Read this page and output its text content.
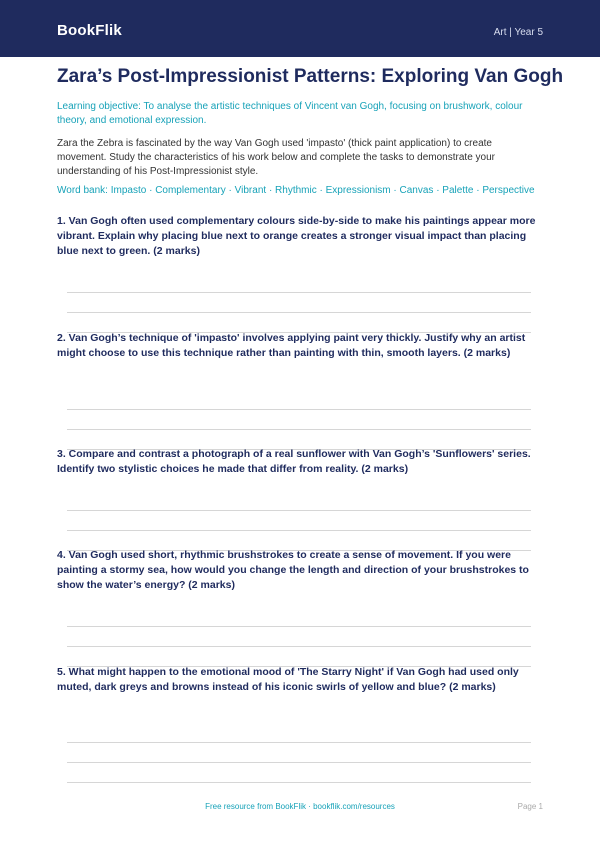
BookFlik	Art | Year 5
Zara’s Post-Impressionist Patterns: Exploring Van Gogh
Learning objective: To analyse the artistic techniques of Vincent van Gogh, focusing on brushwork, colour theory, and emotional expression.
Zara the Zebra is fascinated by the way Van Gogh used 'impasto' (thick paint application) to create movement. Study the characteristics of his work below and complete the tasks to demonstrate your understanding of his Post-Impressionist style.
Word bank: Impasto · Complementary · Vibrant · Rhythmic · Expressionism · Canvas · Palette · Perspective
1. Van Gogh often used complementary colours side-by-side to make his paintings appear more vibrant. Explain why placing blue next to orange creates a stronger visual impact than placing blue next to green. (2 marks)
2. Van Gogh’s technique of 'impasto' involves applying paint very thickly. Justify why an artist might choose to use this technique rather than painting with thin, smooth layers. (2 marks)
3. Compare and contrast a photograph of a real sunflower with Van Gogh’s 'Sunflowers' series. Identify two stylistic choices he made that differ from reality. (2 marks)
4. Van Gogh used short, rhythmic brushstrokes to create a sense of movement. If you were painting a stormy sea, how would you change the length and direction of your brushstrokes to show the water’s energy? (2 marks)
5. What might happen to the emotional mood of 'The Starry Night' if Van Gogh had used only muted, dark greys and browns instead of his iconic swirls of yellow and blue? (2 marks)
Free resource from BookFlik · bookflik.com/resources	Page 1
